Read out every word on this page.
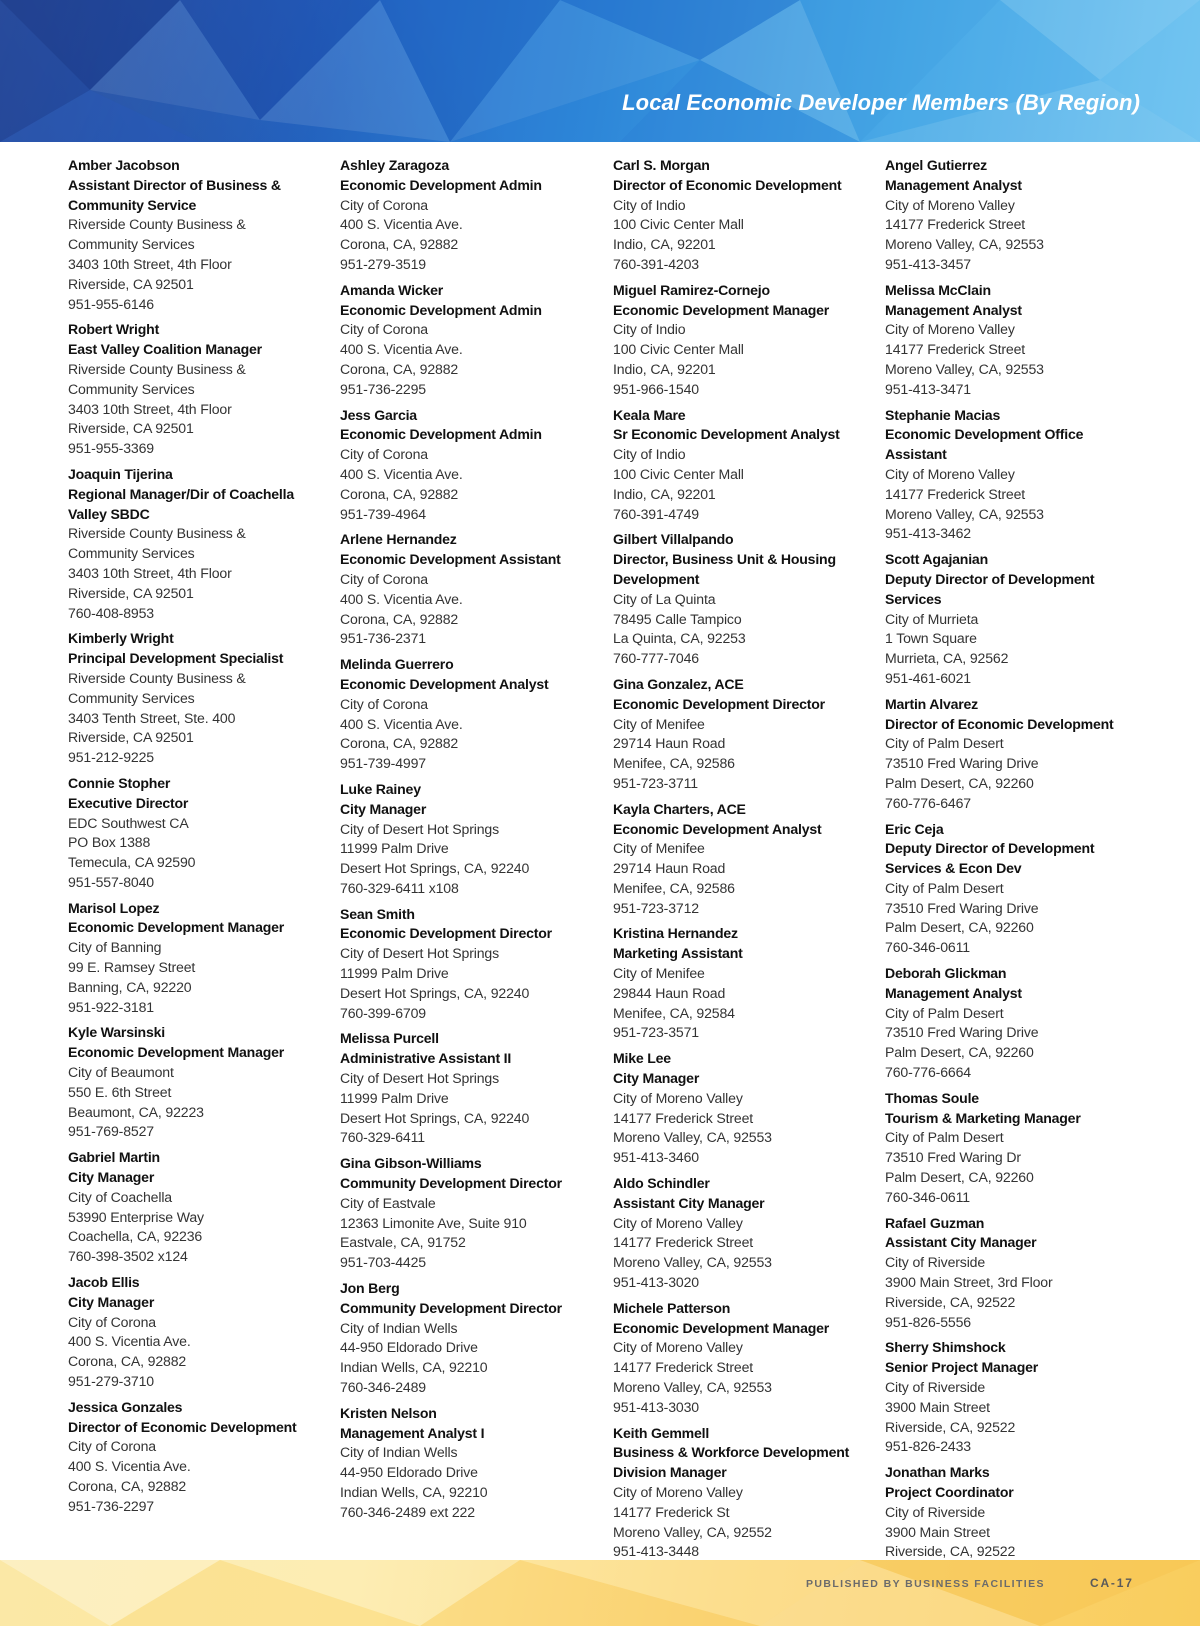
Local Economic Developer Members (By Region)
Amber Jacobson
Assistant Director of Business &
Community Service
Riverside County Business &
Community Services
3403 10th Street, 4th Floor
Riverside, CA 92501
951-955-6146
Robert Wright
East Valley Coalition Manager
Riverside County Business &
Community Services
3403 10th Street, 4th Floor
Riverside, CA 92501
951-955-3369
Joaquin Tijerina
Regional Manager/Dir of Coachella
Valley SBDC
Riverside County Business &
Community Services
3403 10th Street, 4th Floor
Riverside, CA 92501
760-408-8953
Kimberly Wright
Principal Development Specialist
Riverside County Business &
Community Services
3403 Tenth Street, Ste. 400
Riverside, CA 92501
951-212-9225
Connie Stopher
Executive Director
EDC Southwest CA
PO Box 1388
Temecula, CA 92590
951-557-8040
Marisol Lopez
Economic Development Manager
City of Banning
99 E. Ramsey Street
Banning, CA, 92220
951-922-3181
Kyle Warsinski
Economic Development Manager
City of Beaumont
550 E. 6th Street
Beaumont, CA, 92223
951-769-8527
Gabriel Martin
City Manager
City of Coachella
53990 Enterprise Way
Coachella, CA, 92236
760-398-3502 x124
Jacob Ellis
City Manager
City of Corona
400 S. Vicentia Ave.
Corona, CA, 92882
951-279-3710
Jessica Gonzales
Director of Economic Development
City of Corona
400 S. Vicentia Ave.
Corona, CA, 92882
951-736-2297
Ashley Zaragoza
Economic Development Admin
City of Corona
400 S. Vicentia Ave.
Corona, CA, 92882
951-279-3519
Amanda Wicker
Economic Development Admin
City of Corona
400 S. Vicentia Ave.
Corona, CA, 92882
951-736-2295
Jess Garcia
Economic Development Admin
City of Corona
400 S. Vicentia Ave.
Corona, CA, 92882
951-739-4964
Arlene Hernandez
Economic Development Assistant
City of Corona
400 S. Vicentia Ave.
Corona, CA, 92882
951-736-2371
Melinda Guerrero
Economic Development Analyst
City of Corona
400 S. Vicentia Ave.
Corona, CA, 92882
951-739-4997
Luke Rainey
City Manager
City of Desert Hot Springs
11999 Palm Drive
Desert Hot Springs, CA, 92240
760-329-6411 x108
Sean Smith
Economic Development Director
City of Desert Hot Springs
11999 Palm Drive
Desert Hot Springs, CA, 92240
760-399-6709
Melissa Purcell
Administrative Assistant II
City of Desert Hot Springs
11999 Palm Drive
Desert Hot Springs, CA, 92240
760-329-6411
Gina Gibson-Williams
Community Development Director
City of Eastvale
12363 Limonite Ave, Suite 910
Eastvale, CA, 91752
951-703-4425
Jon Berg
Community Development Director
City of Indian Wells
44-950 Eldorado Drive
Indian Wells, CA, 92210
760-346-2489
Kristen Nelson
Management Analyst I
City of Indian Wells
44-950 Eldorado Drive
Indian Wells, CA, 92210
760-346-2489 ext 222
Carl S. Morgan
Director of Economic Development
City of Indio
100 Civic Center Mall
Indio, CA, 92201
760-391-4203
Miguel Ramirez-Cornejo
Economic Development Manager
City of Indio
100 Civic Center Mall
Indio, CA, 92201
951-966-1540
Keala Mare
Sr Economic Development Analyst
City of Indio
100 Civic Center Mall
Indio, CA, 92201
760-391-4749
Gilbert Villalpando
Director, Business Unit & Housing
Development
City of La Quinta
78495 Calle Tampico
La Quinta, CA, 92253
760-777-7046
Gina Gonzalez, ACE
Economic Development Director
City of Menifee
29714 Haun Road
Menifee, CA, 92586
951-723-3711
Kayla Charters, ACE
Economic Development Analyst
City of Menifee
29714 Haun Road
Menifee, CA, 92586
951-723-3712
Kristina Hernandez
Marketing Assistant
City of Menifee
29844 Haun Road
Menifee, CA, 92584
951-723-3571
Mike Lee
City Manager
City of Moreno Valley
14177 Frederick Street
Moreno Valley, CA, 92553
951-413-3460
Aldo Schindler
Assistant City Manager
City of Moreno Valley
14177 Frederick Street
Moreno Valley, CA, 92553
951-413-3020
Michele Patterson
Economic Development Manager
City of Moreno Valley
14177 Frederick Street
Moreno Valley, CA, 92553
951-413-3030
Keith Gemmell
Business & Workforce Development
Division Manager
City of Moreno Valley
14177 Frederick St
Moreno Valley, CA, 92552
951-413-3448
Angel Gutierrez
Management Analyst
City of Moreno Valley
14177 Frederick Street
Moreno Valley, CA, 92553
951-413-3457
Melissa McClain
Management Analyst
City of Moreno Valley
14177 Frederick Street
Moreno Valley, CA, 92553
951-413-3471
Stephanie Macias
Economic Development Office
Assistant
City of Moreno Valley
14177 Frederick Street
Moreno Valley, CA, 92553
951-413-3462
Scott Agajanian
Deputy Director of Development
Services
City of Murrieta
1 Town Square
Murrieta, CA, 92562
951-461-6021
Martin Alvarez
Director of Economic Development
City of Palm Desert
73510 Fred Waring Drive
Palm Desert, CA, 92260
760-776-6467
Eric Ceja
Deputy Director of Development
Services & Econ Dev
City of Palm Desert
73510 Fred Waring Drive
Palm Desert, CA, 92260
760-346-0611
Deborah Glickman
Management Analyst
City of Palm Desert
73510 Fred Waring Drive
Palm Desert, CA, 92260
760-776-6664
Thomas Soule
Tourism & Marketing Manager
City of Palm Desert
73510 Fred Waring Dr
Palm Desert, CA, 92260
760-346-0611
Rafael Guzman
Assistant City Manager
City of Riverside
3900 Main Street, 3rd Floor
Riverside, CA, 92522
951-826-5556
Sherry Shimshock
Senior Project Manager
City of Riverside
3900 Main Street
Riverside, CA, 92522
951-826-2433
Jonathan Marks
Project Coordinator
City of Riverside
3900 Main Street
Riverside, CA, 92522
PUBLISHED BY BUSINESS FACILITIES	CA-17
